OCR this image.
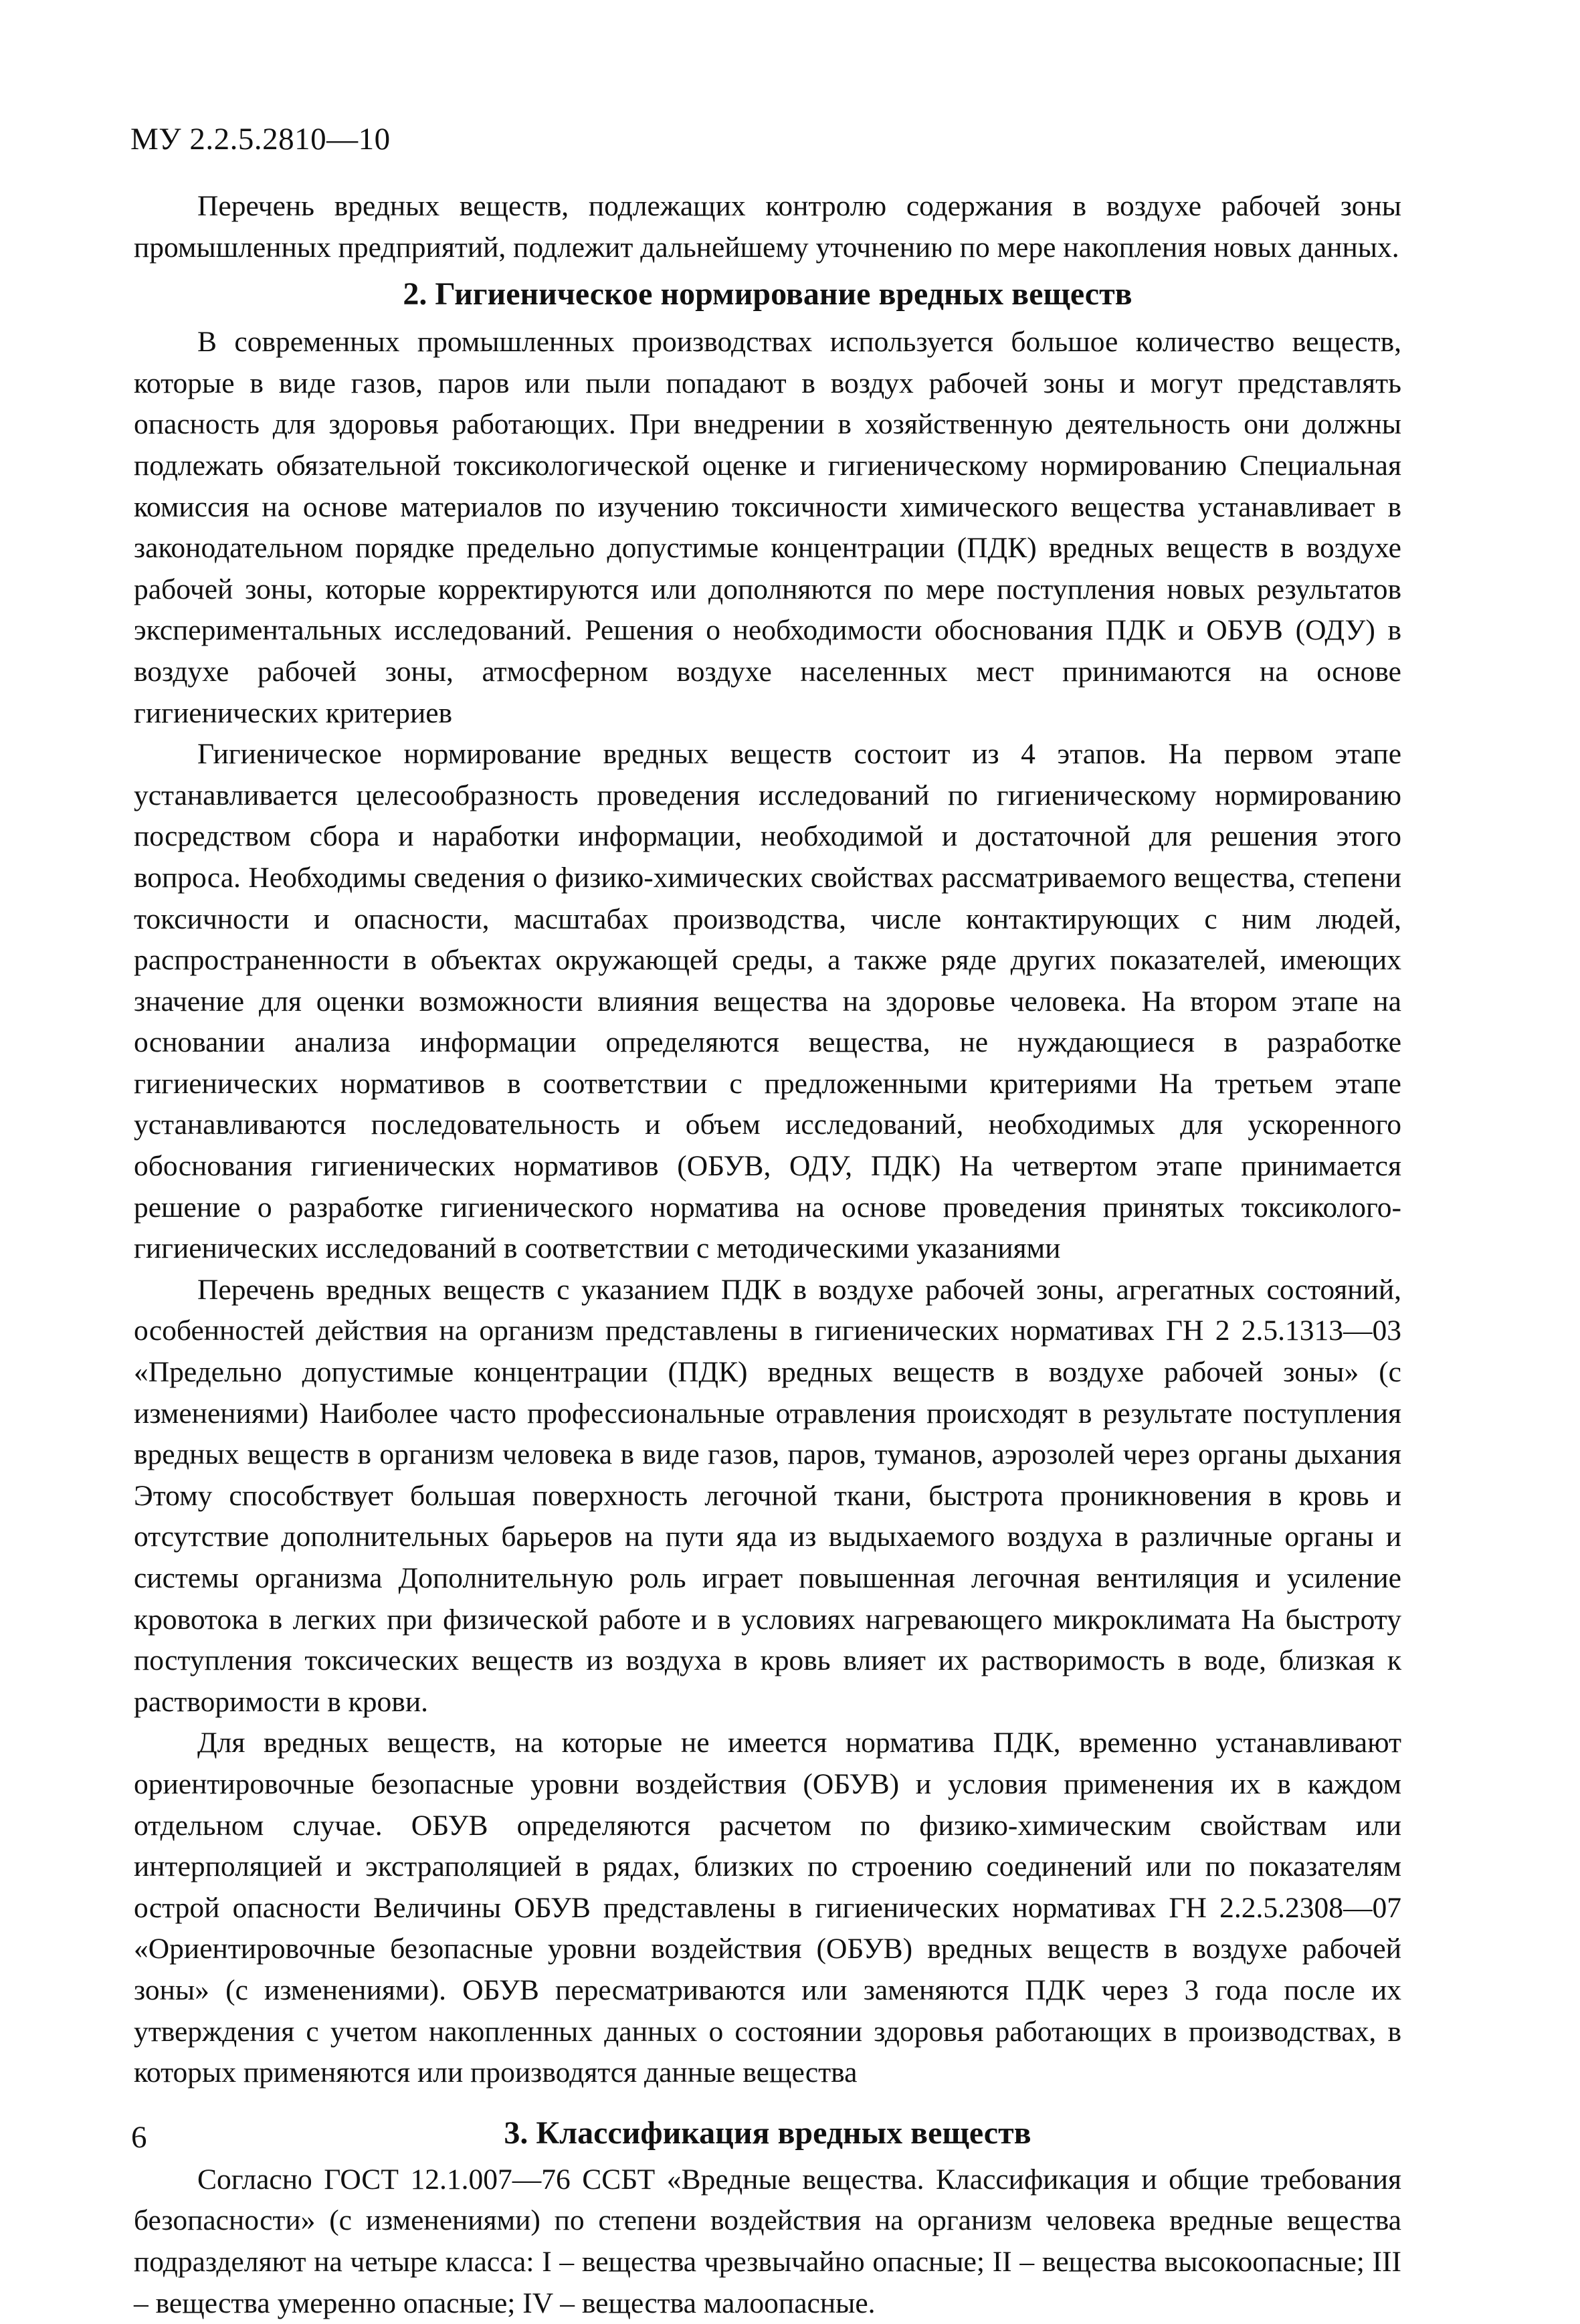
МУ 2.2.5.2810—10

Перечень вредных веществ, подлежащих контролю содержания в воздухе рабочей зоны промышленных предприятий, подлежит дальнейшему уточнению по мере накопления новых данных.

2. Гигиеническое нормирование вредных веществ

В современных промышленных производствах используется большое количество веществ, которые в виде газов, паров или пыли попадают в воздух рабочей зоны и могут представлять опасность для здоровья работающих. При внедрении в хозяйственную деятельность они должны подлежать обязательной токсикологической оценке и гигиеническому нормированию Специальная комиссия на основе материалов по изучению токсичности химического вещества устанавливает в законодательном порядке предельно допустимые концентрации (ПДК) вредных веществ в воздухе рабочей зоны, которые корректируются или дополняются по мере поступления новых результатов экспериментальных исследований. Решения о необходимости обоснования ПДК и ОБУВ (ОДУ) в воздухе рабочей зоны, атмосферном воздухе населенных мест принимаются на основе гигиенических критериев

Гигиеническое нормирование вредных веществ состоит из 4 этапов. На первом этапе устанавливается целесообразность проведения исследований по гигиеническому нормированию посредством сбора и наработки информации, необходимой и достаточной для решения этого вопроса. Необходимы сведения о физико-химических свойствах рассматриваемого вещества, степени токсичности и опасности, масштабах производства, числе контактирующих с ним людей, распространенности в объектах окружающей среды, а также ряде других показателей, имеющих значение для оценки возможности влияния вещества на здоровье человека. На втором этапе на основании анализа информации определяются вещества, не нуждающиеся в разработке гигиенических нормативов в соответствии с предложенными критериями На третьем этапе устанавливаются последовательность и объем исследований, необходимых для ускоренного обоснования гигиенических нормативов (ОБУВ, ОДУ, ПДК) На четвертом этапе принимается решение о разработке гигиенического норматива на основе проведения принятых токсиколого-гигиенических исследований в соответствии с методическими указаниями

Перечень вредных веществ с указанием ПДК в воздухе рабочей зоны, агрегатных состояний, особенностей действия на организм представлены в гигиенических нормативах ГН 2 2.5.1313—03 «Предельно допустимые концентрации (ПДК) вредных веществ в воздухе рабочей зоны» (с изменениями) Наиболее часто профессиональные отравления происходят в результате поступления вредных веществ в организм человека в виде газов, паров, туманов, аэрозолей через органы дыхания Этому способствует большая поверхность легочной ткани, быстрота проникновения в кровь и отсутствие дополнительных барьеров на пути яда из выдыхаемого воздуха в различные органы и системы организма Дополнительную роль играет повышенная легочная вентиляция и усиление кровотока в легких при физической работе и в условиях нагревающего микроклимата На быстроту поступления токсических веществ из воздуха в кровь влияет их растворимость в воде, близкая к растворимости в крови.

Для вредных веществ, на которые не имеется норматива ПДК, временно устанавливают ориентировочные безопасные уровни воздействия (ОБУВ) и условия применения их в каждом отдельном случае. ОБУВ определяются расчетом по физико-химическим свойствам или интерполяцией и экстраполяцией в рядах, близких по строению соединений или по показателям острой опасности Величины ОБУВ представлены в гигиенических нормативах ГН 2.2.5.2308—07 «Ориентировочные безопасные уровни воздействия (ОБУВ) вредных веществ в воздухе рабочей зоны» (с изменениями). ОБУВ пересматриваются или заменяются ПДК через 3 года после их утверждения с учетом накопленных данных о состоянии здоровья работающих в производствах, в которых применяются или производятся данные вещества

3. Классификация вредных веществ

Согласно ГОСТ 12.1.007—76 ССБТ «Вредные вещества. Классификация и общие требования безопасности» (с изменениями) по степени воздействия на организм человека вредные вещества подразделяют на четыре класса: I – вещества чрезвычайно опасные; II – вещества высокоопасные; III – вещества умеренно опасные; IV – вещества малоопасные.

6
